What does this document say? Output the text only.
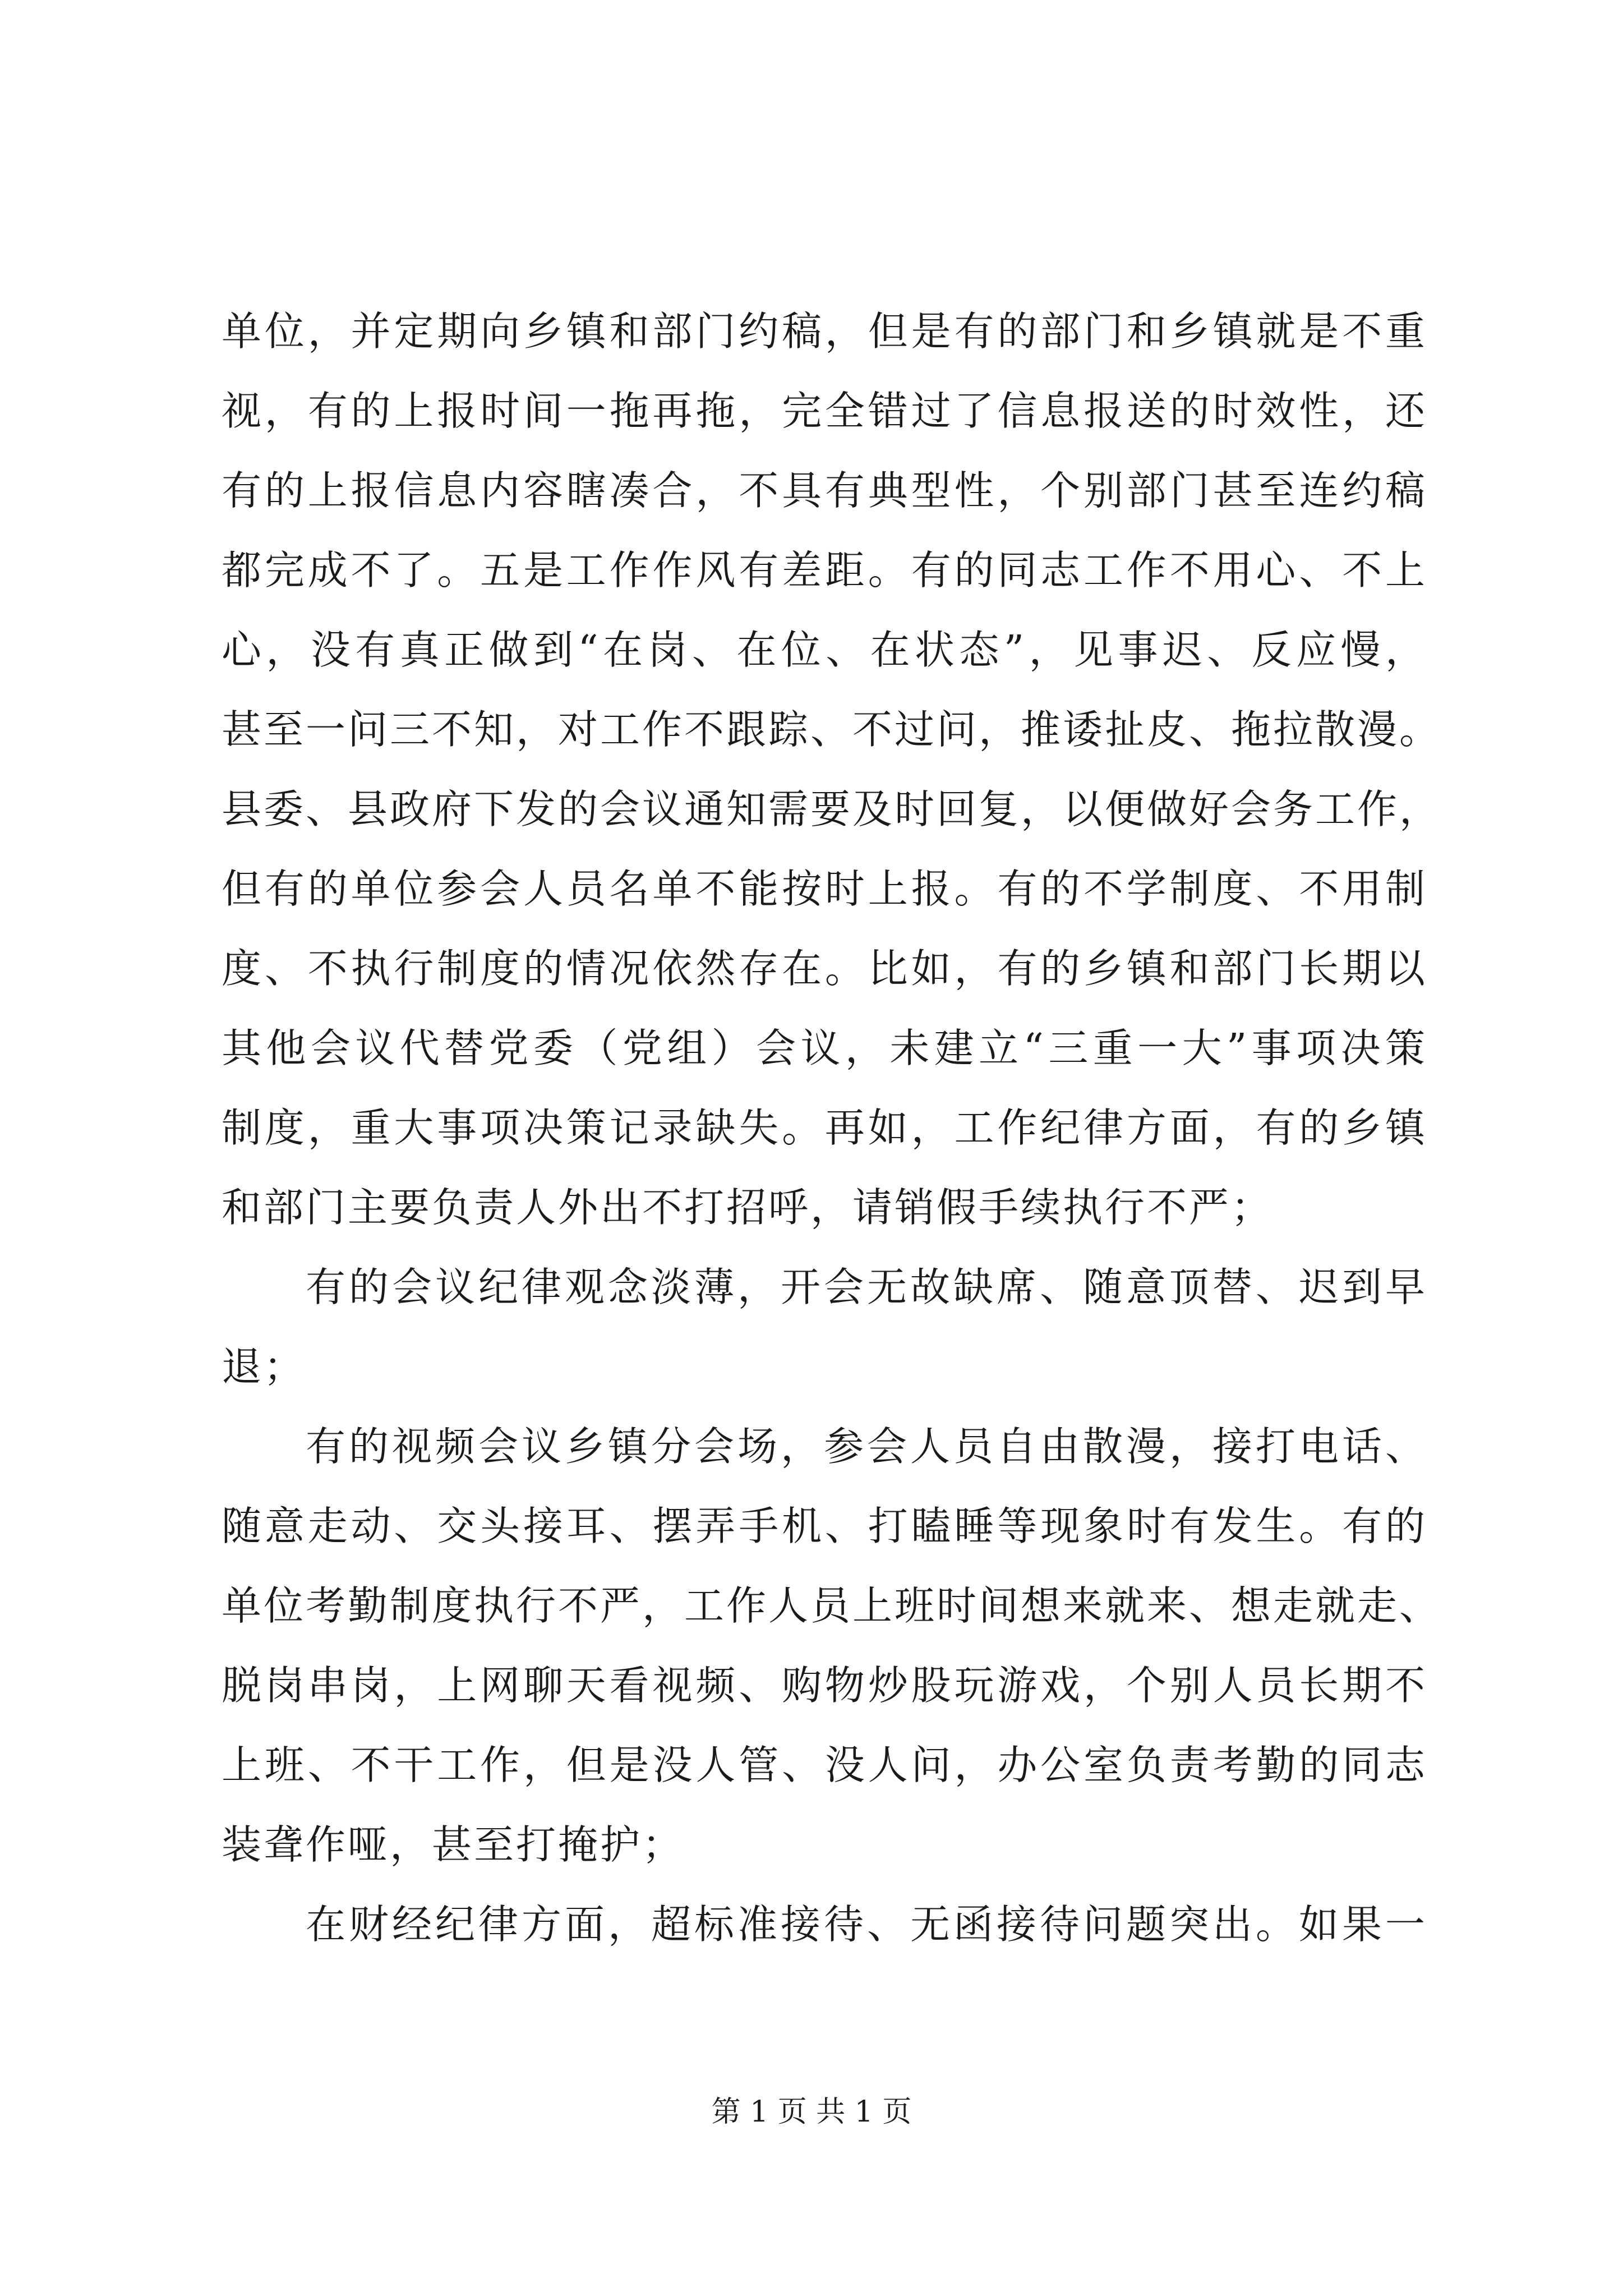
单位，并定期向乡镇和部门约稿，但是有的部门和乡镇就是不重
视，有的上报时间一拖再拖，完全错过了信息报送的时效性，还
有的上报信息内容瞎凑合，不具有典型性，个别部门甚至连约稿
都完成不了。五是工作作风有差距。有的同志工作不用心、不上
心，没有真正做到“在岗、在位、在状态”，见事迟、反应慢，
甚至一问三不知，对工作不跟踪、不过问，推诿扯皮、拖拉散漫。
县委、县政府下发的会议通知需要及时回复，以便做好会务工作，
但有的单位参会人员名单不能按时上报。有的不学制度、不用制
度、不执行制度的情况依然存在。比如，有的乡镇和部门长期以
其他会议代替党委（党组）会议，未建立“三重一大”事项决策
制度，重大事项决策记录缺失。再如，工作纪律方面，有的乡镇
和部门主要负责人外出不打招呼，请销假手续执行不严；
有的会议纪律观念淡薄，开会无故缺席、随意顶替、迟到早
退；
有的视频会议乡镇分会场，参会人员自由散漫，接打电话、
随意走动、交头接耳、摆弄手机、打瞌睡等现象时有发生。有的
单位考勤制度执行不严，工作人员上班时间想来就来、想走就走、
脱岗串岗，上网聊天看视频、购物炒股玩游戏，个别人员长期不
上班、不干工作，但是没人管、没人问，办公室负责考勤的同志
装聋作哑，甚至打掩护；
在财经纪律方面，超标准接待、无函接待问题突出。如果一
第 1 页 共 1 页
